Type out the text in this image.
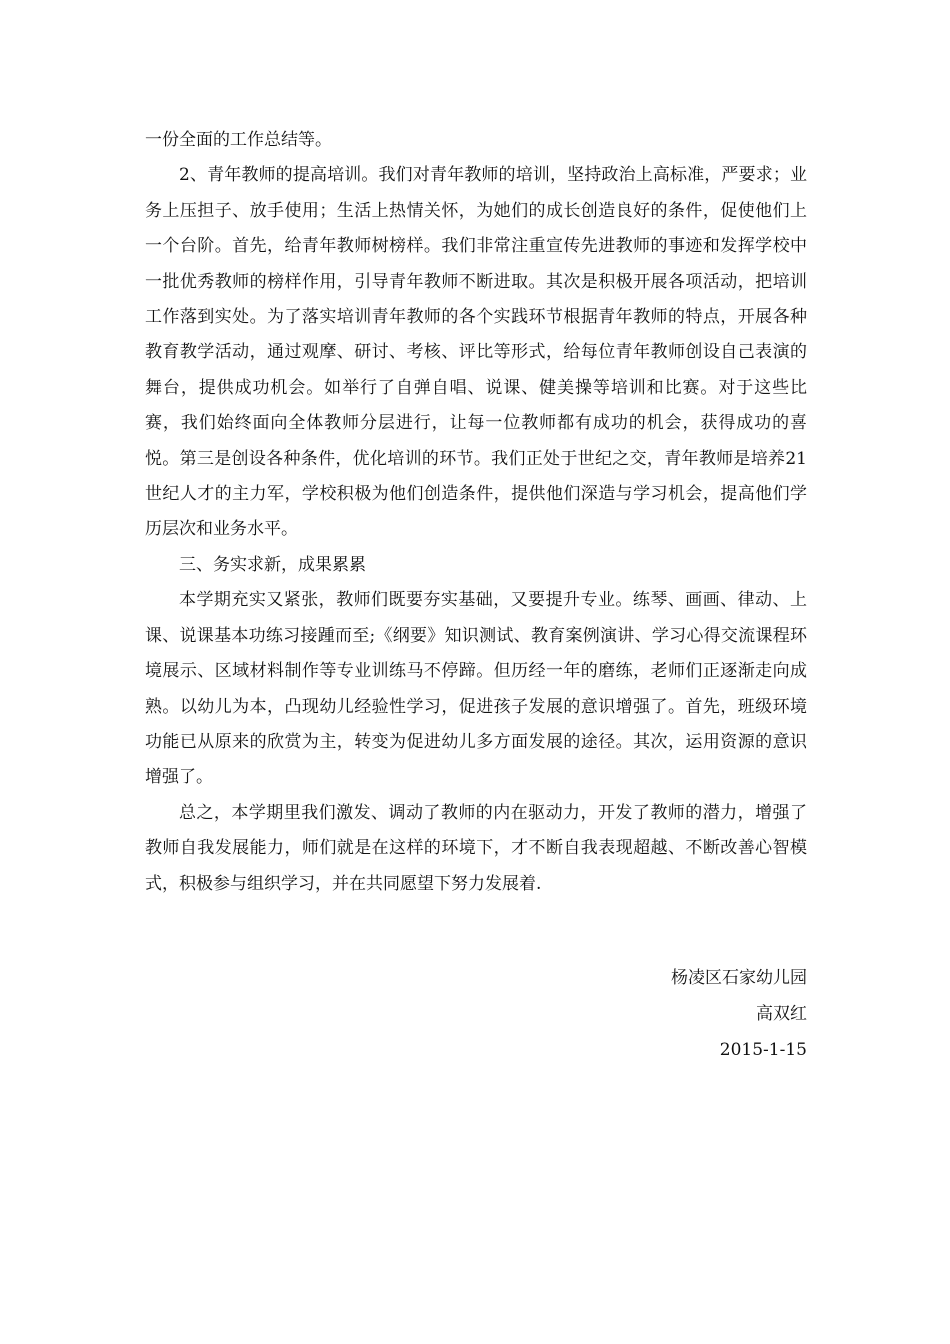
一份全面的工作总结等。

2、青年教师的提高培训。我们对青年教师的培训，坚持政治上高标准，严要求；业务上压担子、放手使用；生活上热情关怀，为她们的成长创造良好的条件，促使他们上一个台阶。首先，给青年教师树榜样。我们非常注重宣传先进教师的事迹和发挥学校中一批优秀教师的榜样作用，引导青年教师不断进取。其次是积极开展各项活动，把培训工作落到实处。为了落实培训青年教师的各个实践环节根据青年教师的特点，开展各种教育教学活动，通过观摩、研讨、考核、评比等形式，给每位青年教师创设自己表演的舞台，提供成功机会。如举行了自弹自唱、说课、健美操等培训和比赛。对于这些比赛，我们始终面向全体教师分层进行，让每一位教师都有成功的机会，获得成功的喜悦。第三是创设各种条件，优化培训的环节。我们正处于世纪之交，青年教师是培养21世纪人才的主力军，学校积极为他们创造条件，提供他们深造与学习机会，提高他们学历层次和业务水平。

三、务实求新，成果累累

本学期充实又紧张，教师们既要夯实基础，又要提升专业。练琴、画画、律动、上课、说课基本功练习接踵而至;《纲要》知识测试、教育案例演讲、学习心得交流课程环境展示、区域材料制作等专业训练马不停蹄。但历经一年的磨练，老师们正逐渐走向成熟。以幼儿为本，凸现幼儿经验性学习，促进孩子发展的意识增强了。首先，班级环境功能已从原来的欣赏为主，转变为促进幼儿多方面发展的途径。其次，运用资源的意识增强了。

总之，本学期里我们激发、调动了教师的内在驱动力，开发了教师的潜力，增强了教师自我发展能力，师们就是在这样的环境下，才不断自我表现超越、不断改善心智模式，积极参与组织学习，并在共同愿望下努力发展着.

杨凌区石家幼儿园
高双红
2015-1-15
